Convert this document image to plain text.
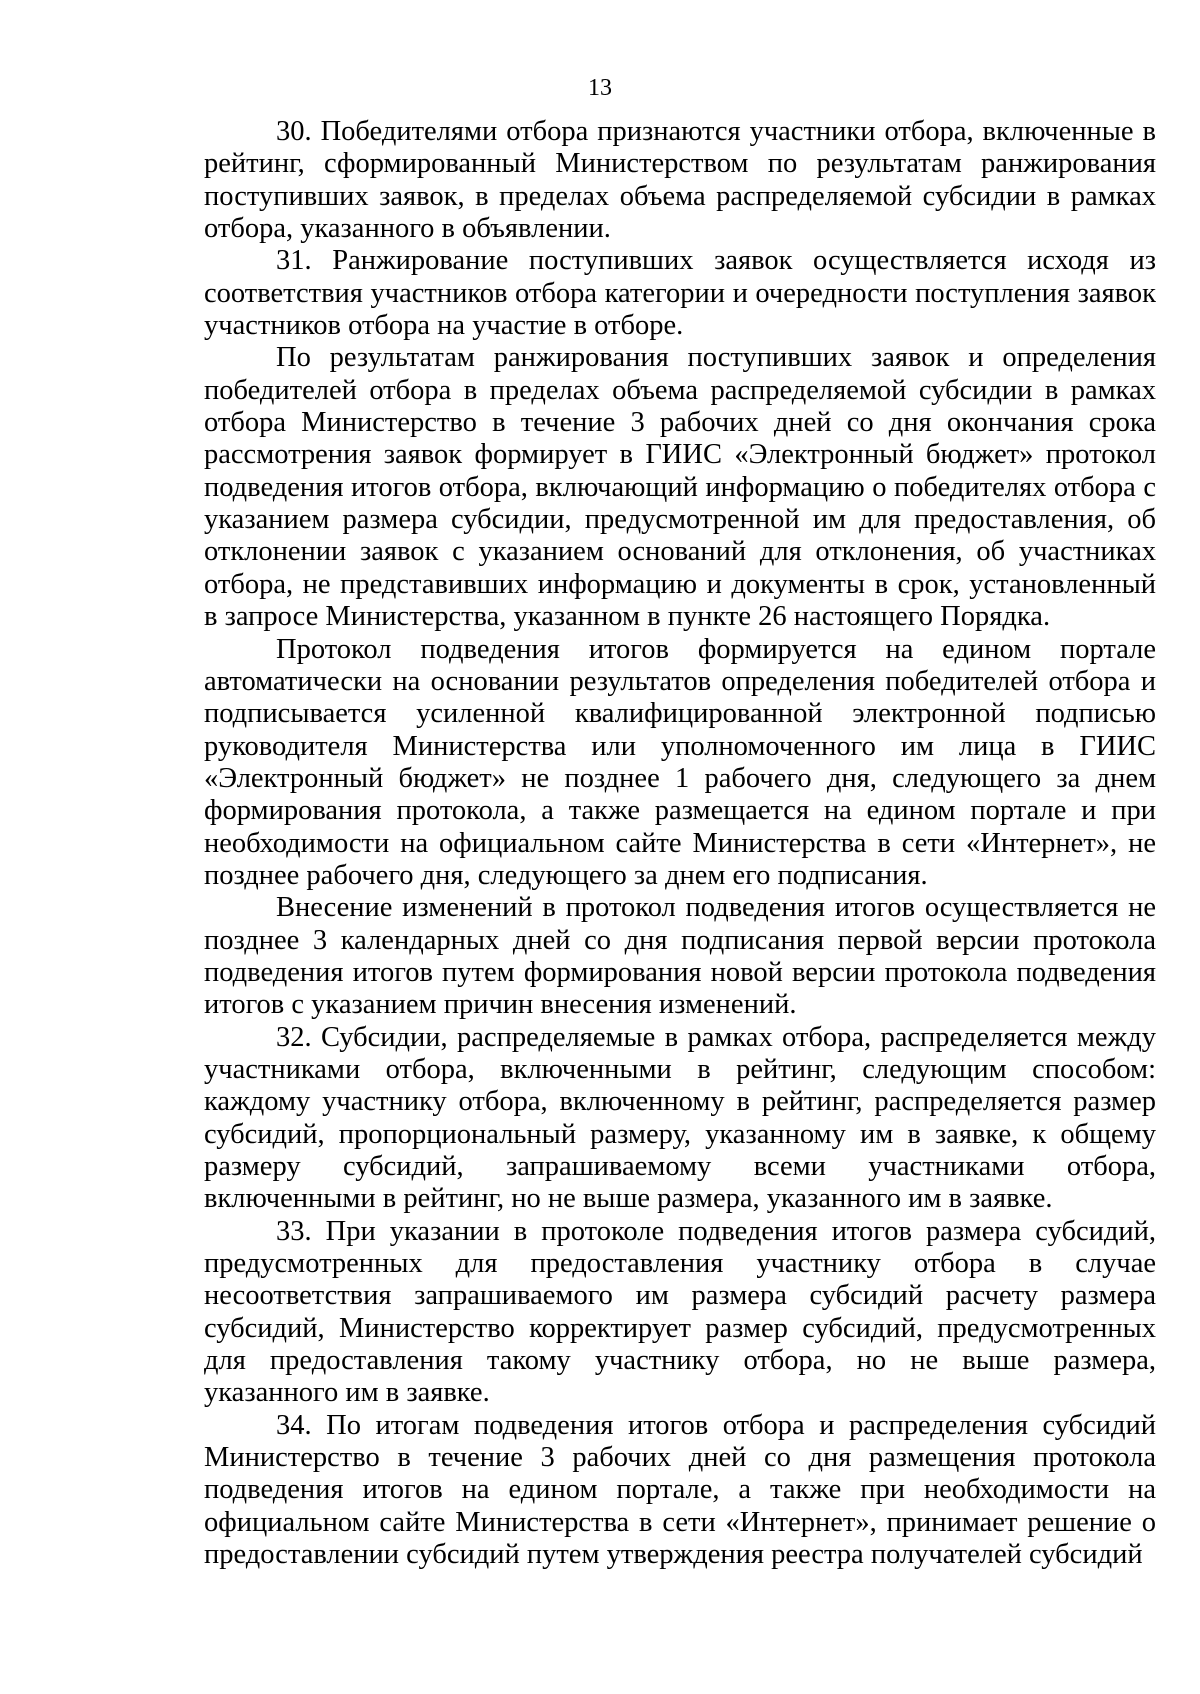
13

30. Победителями отбора признаются участники отбора, включенные в рейтинг, сформированный Министерством по результатам ранжирования поступивших заявок, в пределах объема распределяемой субсидии в рамках отбора, указанного в объявлении.

31. Ранжирование поступивших заявок осуществляется исходя из соответствия участников отбора категории и очередности поступления заявок участников отбора на участие в отборе.

По результатам ранжирования поступивших заявок и определения победителей отбора в пределах объема распределяемой субсидии в рамках отбора Министерство в течение 3 рабочих дней со дня окончания срока рассмотрения заявок формирует в ГИИС «Электронный бюджет» протокол подведения итогов отбора, включающий информацию о победителях отбора с указанием размера субсидии, предусмотренной им для предоставления, об отклонении заявок с указанием оснований для отклонения, об участниках отбора, не представивших информацию и документы в срок, установленный в запросе Министерства, указанном в пункте 26 настоящего Порядка.

Протокол подведения итогов формируется на едином портале автоматически на основании результатов определения победителей отбора и подписывается усиленной квалифицированной электронной подписью руководителя Министерства или уполномоченного им лица в ГИИС «Электронный бюджет» не позднее 1 рабочего дня, следующего за днем формирования протокола, а также размещается на едином портале и при необходимости на официальном сайте Министерства в сети «Интернет», не позднее рабочего дня, следующего за днем его подписания.

Внесение изменений в протокол подведения итогов осуществляется не позднее 3 календарных дней со дня подписания первой версии протокола подведения итогов путем формирования новой версии протокола подведения итогов с указанием причин внесения изменений.

32. Субсидии, распределяемые в рамках отбора, распределяется между участниками отбора, включенными в рейтинг, следующим способом: каждому участнику отбора, включенному в рейтинг, распределяется размер субсидий, пропорциональный размеру, указанному им в заявке, к общему размеру субсидий, запрашиваемому всеми участниками отбора, включенными в рейтинг, но не выше размера, указанного им в заявке.

33. При указании в протоколе подведения итогов размера субсидий, предусмотренных для предоставления участнику отбора в случае несоответствия запрашиваемого им размера субсидий расчету размера субсидий, Министерство корректирует размер субсидий, предусмотренных для предоставления такому участнику отбора, но не выше размера, указанного им в заявке.

34. По итогам подведения итогов отбора и распределения субсидий Министерство в течение 3 рабочих дней со дня размещения протокола подведения итогов на едином портале, а также при необходимости на официальном сайте Министерства в сети «Интернет», принимает решение о предоставлении субсидий путем утверждения реестра получателей субсидий
